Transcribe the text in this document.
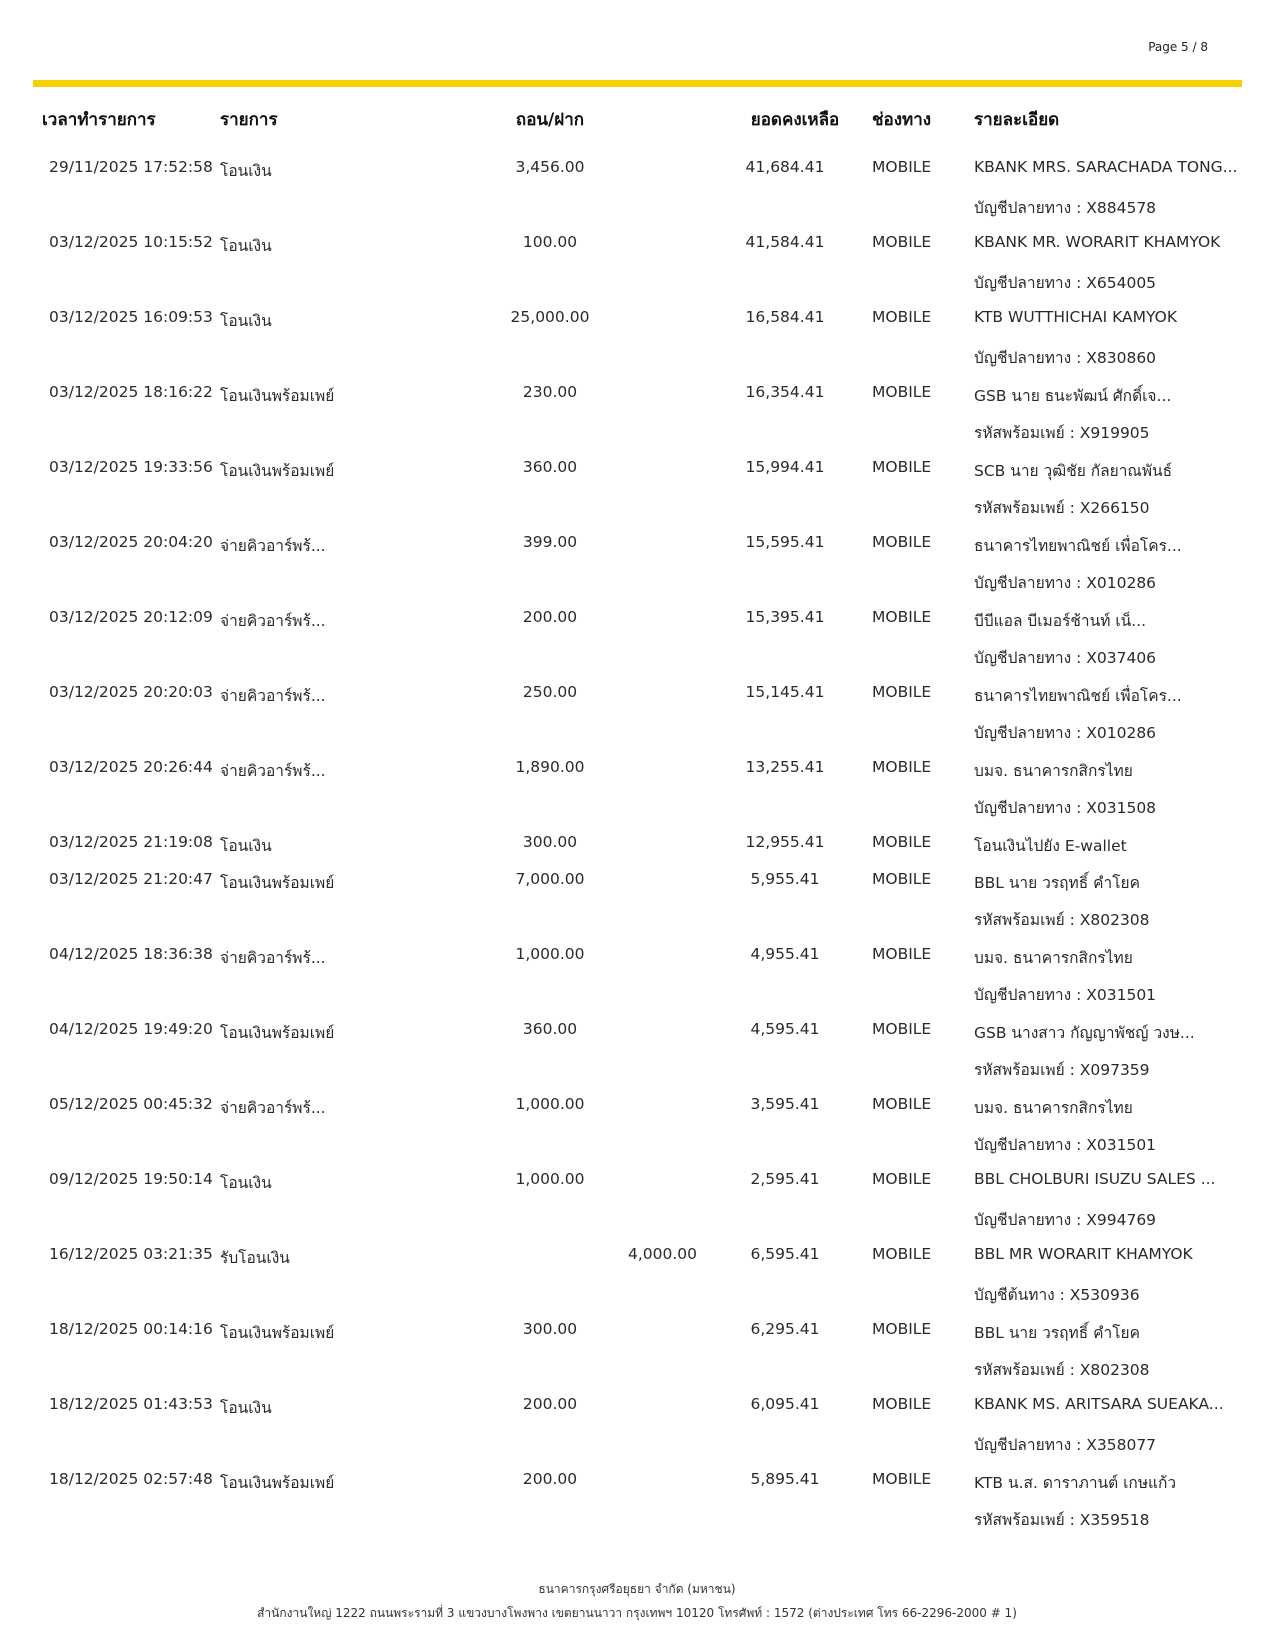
Page 5 / 8
เวลาทำรายการ	รายการ	ถอน/ฝาก	ยอดคงเหลือ	ช่องทาง	รายละเอียด
29/11/2025 17:52:58 โอนเงิน	3,456.00	41,684.41	MOBILE	KBANK MRS. SARACHADA TONG...
บัญชีปลายทาง : X884578
03/12/2025 10:15:52 โอนเงิน	100.00	41,584.41	MOBILE	KBANK MR. WORARIT KHAMYOK
บัญชีปลายทาง : X654005
03/12/2025 16:09:53 โอนเงิน	25,000.00	16,584.41	MOBILE	KTB WUTTHICHAI KAMYOK
บัญชีปลายทาง : X830860
03/12/2025 18:16:22 โอนเงินพร้อมเพย์	230.00	16,354.41	MOBILE	GSB นาย ธนะพัฒน์ ศักดิ์เจ...
รหัสพร้อมเพย์ : X919905
03/12/2025 19:33:56 โอนเงินพร้อมเพย์	360.00	15,994.41	MOBILE	SCB นาย วุฒิชัย กัลยาณพันธ์
รหัสพร้อมเพย์ : X266150
03/12/2025 20:04:20 จ่ายคิวอาร์พร้...	399.00	15,595.41	MOBILE	ธนาคารไทยพาณิชย์ เพื่อโคร...
บัญชีปลายทาง : X010286
03/12/2025 20:12:09 จ่ายคิวอาร์พร้...	200.00	15,395.41	MOBILE	บีบีแอล บีเมอร์ช้านท์ เน็...
บัญชีปลายทาง : X037406
03/12/2025 20:20:03 จ่ายคิวอาร์พร้...	250.00	15,145.41	MOBILE	ธนาคารไทยพาณิชย์ เพื่อโคร...
บัญชีปลายทาง : X010286
03/12/2025 20:26:44 จ่ายคิวอาร์พร้...	1,890.00	13,255.41	MOBILE	บมจ. ธนาคารกสิกรไทย
บัญชีปลายทาง : X031508
03/12/2025 21:19:08 โอนเงิน	300.00	12,955.41	MOBILE	โอนเงินไปยัง E-wallet
03/12/2025 21:20:47 โอนเงินพร้อมเพย์	7,000.00	5,955.41	MOBILE	BBL นาย วรฤทธิ์ คำโยค
รหัสพร้อมเพย์ : X802308
04/12/2025 18:36:38 จ่ายคิวอาร์พร้...	1,000.00	4,955.41	MOBILE	บมจ. ธนาคารกสิกรไทย
บัญชีปลายทาง : X031501
04/12/2025 19:49:20 โอนเงินพร้อมเพย์	360.00	4,595.41	MOBILE	GSB นางสาว กัญญาพัชญ์ วงษ...
รหัสพร้อมเพย์ : X097359
05/12/2025 00:45:32 จ่ายคิวอาร์พร้...	1,000.00	3,595.41	MOBILE	บมจ. ธนาคารกสิกรไทย
บัญชีปลายทาง : X031501
09/12/2025 19:50:14 โอนเงิน	1,000.00	2,595.41	MOBILE	BBL CHOLBURI ISUZU SALES ...
บัญชีปลายทาง : X994769
16/12/2025 03:21:35 รับโอนเงิน	4,000.00	6,595.41	MOBILE	BBL MR WORARIT KHAMYOK
บัญชีต้นทาง : X530936
18/12/2025 00:14:16 โอนเงินพร้อมเพย์	300.00	6,295.41	MOBILE	BBL นาย วรฤทธิ์ คำโยค
รหัสพร้อมเพย์ : X802308
18/12/2025 01:43:53 โอนเงิน	200.00	6,095.41	MOBILE	KBANK MS. ARITSARA SUEAKA...
บัญชีปลายทาง : X358077
18/12/2025 02:57:48 โอนเงินพร้อมเพย์	200.00	5,895.41	MOBILE	KTB น.ส. ดาราภานต์ เกษแก้ว
รหัสพร้อมเพย์ : X359518
ธนาคารกรุงศรีอยุธยา จำกัด (มหาชน)
สำนักงานใหญ่ 1222 ถนนพระรามที่ 3 แขวงบางโพงพาง เขตยานนาวา กรุงเทพฯ 10120 โทรศัพท์ : 1572 (ต่างประเทศ โทร 66-2296-2000 # 1)
